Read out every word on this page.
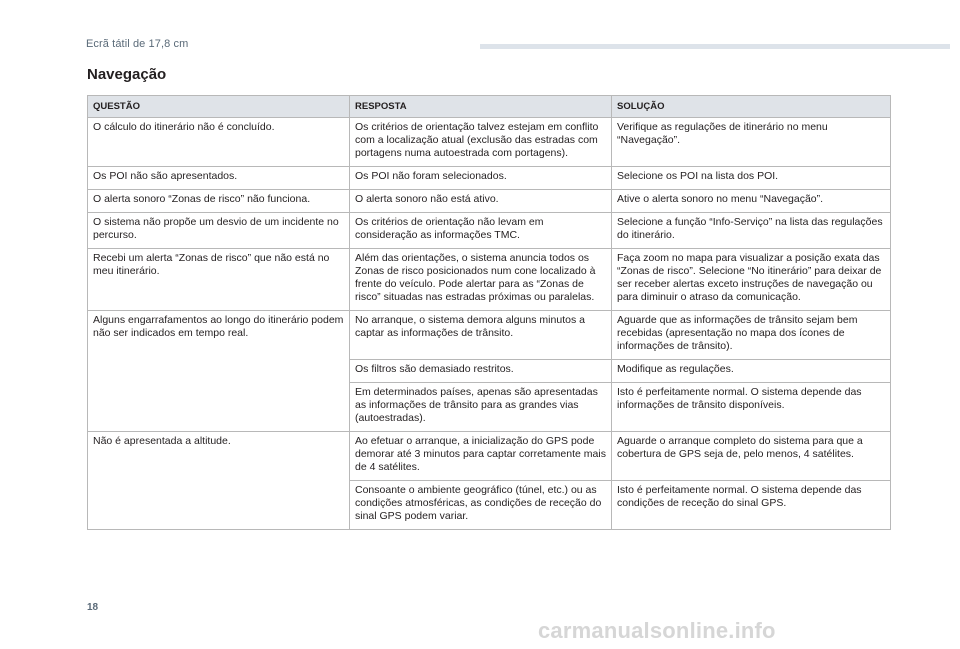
Ecrã tátil de 17,8 cm
Navegação
QUESTÃO	RESPOSTA	SOLUÇÃO
O cálculo do itinerário não é concluído.	Os critérios de orientação talvez estejam em conflito com a localização atual (exclusão das estradas com portagens numa autoestrada com portagens).	Verifique as regulações de itinerário no menu “Navegação”.
Os POI não são apresentados.	Os POI não foram selecionados.	Selecione os POI na lista dos POI.
O alerta sonoro “Zonas de risco” não funciona.	O alerta sonoro não está ativo.	Ative o alerta sonoro no menu “Navegação”.
O sistema não propõe um desvio de um incidente no percurso.	Os critérios de orientação não levam em consideração as informações TMC.	Selecione a função “Info-Serviço” na lista das regulações do itinerário.
Recebi um alerta “Zonas de risco” que não está no meu itinerário.	Além das orientações, o sistema anuncia todos os Zonas de risco posicionados num cone localizado à frente do veículo. Pode alertar para as “Zonas de risco” situadas nas estradas próximas ou paralelas.	Faça zoom no mapa para visualizar a posição exata das “Zonas de risco”. Selecione “No itinerário” para deixar de ser receber alertas exceto instruções de navegação ou para diminuir o atraso da comunicação.
Alguns engarrafamentos ao longo do itinerário podem não ser indicados em tempo real.	No arranque, o sistema demora alguns minutos a captar as informações de trânsito.	Aguarde que as informações de trânsito sejam bem recebidas (apresentação no mapa dos ícones de informações de trânsito).
	Os filtros são demasiado restritos.	Modifique as regulações.
	Em determinados países, apenas são apresentadas as informações de trânsito para as grandes vias (autoestradas).	Isto é perfeitamente normal. O sistema depende das informações de trânsito disponíveis.
Não é apresentada a altitude.	Ao efetuar o arranque, a inicialização do GPS pode demorar até 3 minutos para captar corretamente mais de 4 satélites.	Aguarde o arranque completo do sistema para que a cobertura de GPS seja de, pelo menos, 4 satélites.
	Consoante o ambiente geográfico (túnel, etc.) ou as condições atmosféricas, as condições de receção do sinal GPS podem variar.	Isto é perfeitamente normal. O sistema depende das condições de receção do sinal GPS.
18
carmanualsonline.info
